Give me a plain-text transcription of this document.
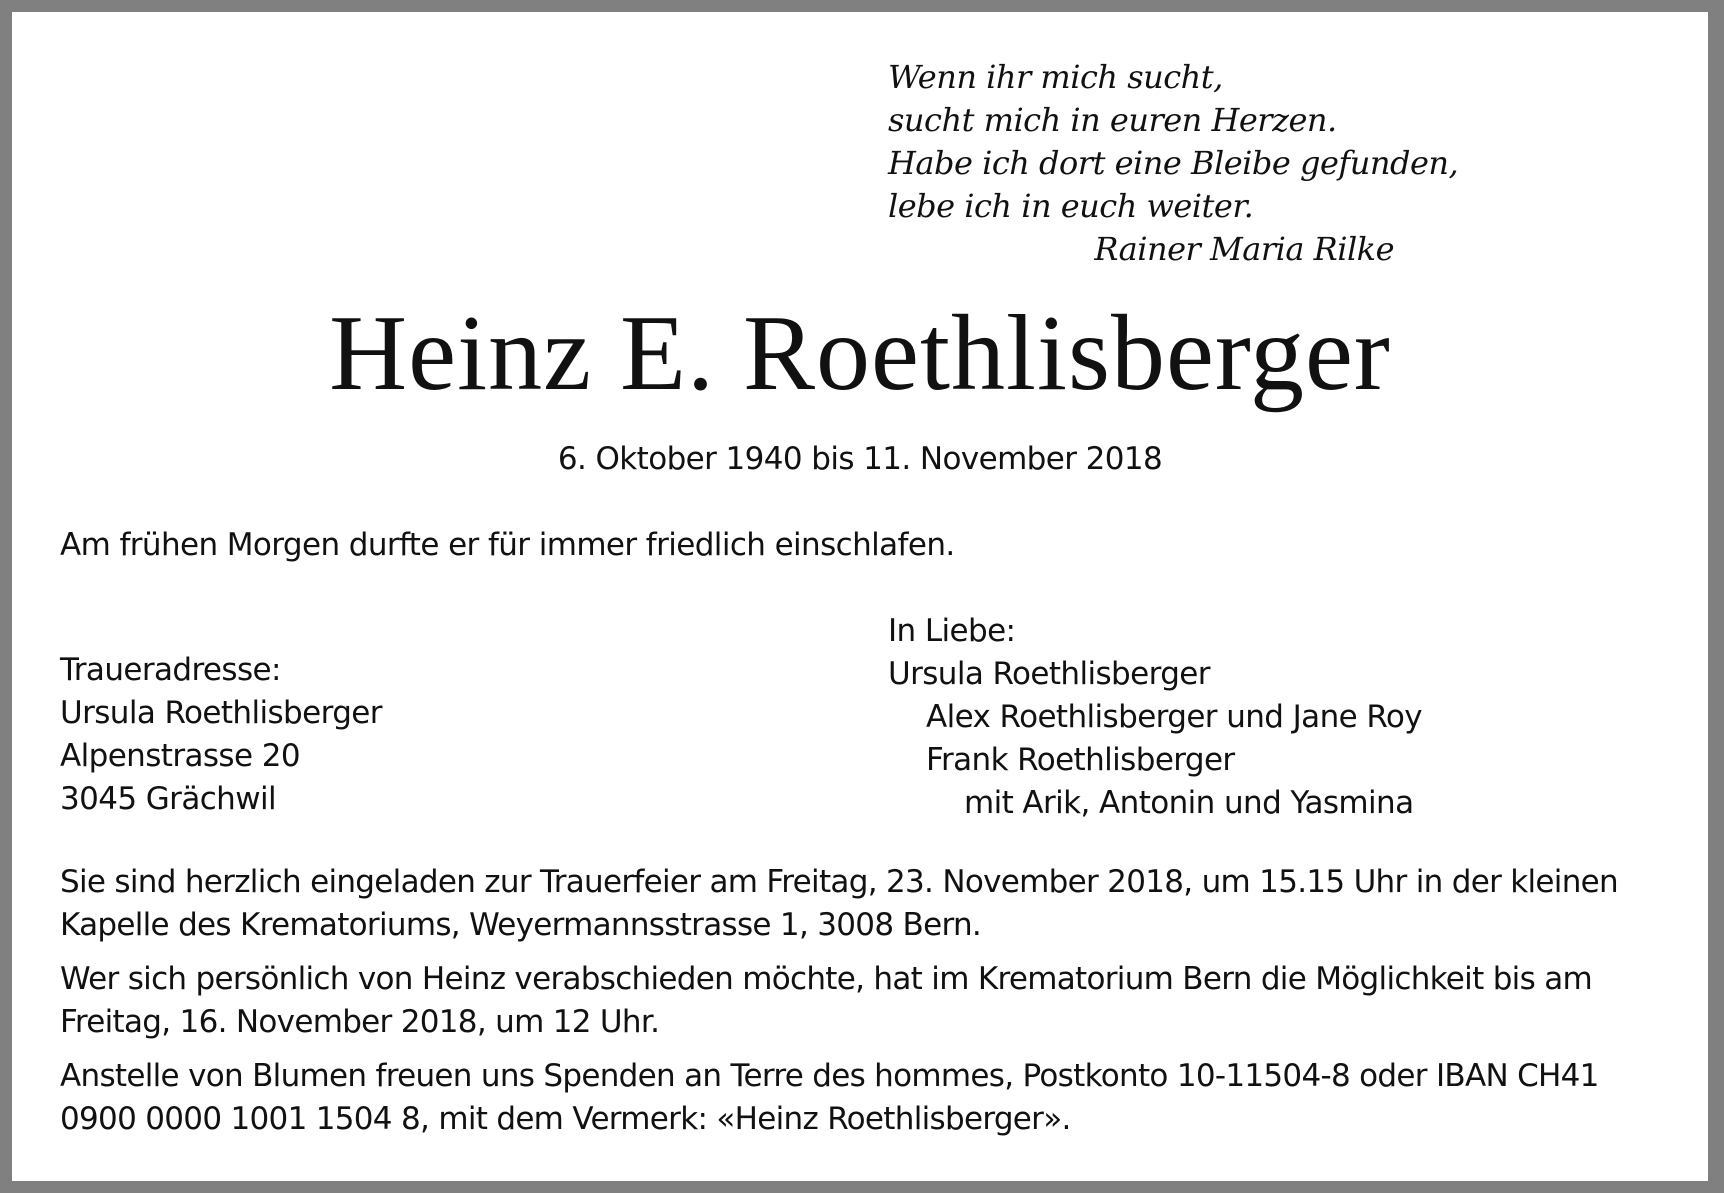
Wenn ihr mich sucht,
sucht mich in euren Herzen.
Habe ich dort eine Bleibe gefunden,
lebe ich in euch weiter.
Rainer Maria Rilke
Heinz E. Roethlisberger
6. Oktober 1940 bis 11. November 2018
Am frühen Morgen durfte er für immer friedlich einschlafen.
Traueradresse:
Ursula Roethlisberger
Alpenstrasse 20
3045 Grächwil
In Liebe:
Ursula Roethlisberger
Alex Roethlisberger und Jane Roy
Frank Roethlisberger
mit Arik, Antonin und Yasmina

Sie sind herzlich eingeladen zur Trauerfeier am Freitag, 23. November 2018, um 15.15 Uhr in der kleinen Kapelle des Krematoriums, Weyermannsstrasse 1, 3008 Bern.

Wer sich persönlich von Heinz verabschieden möchte, hat im Krematorium Bern die Möglichkeit bis am Freitag, 16. November 2018, um 12 Uhr.

Anstelle von Blumen freuen uns Spenden an Terre des hommes, Postkonto 10-11504-8 oder IBAN CH41 0900 0000 1001 1504 8, mit dem Vermerk: «Heinz Roethlisberger».
